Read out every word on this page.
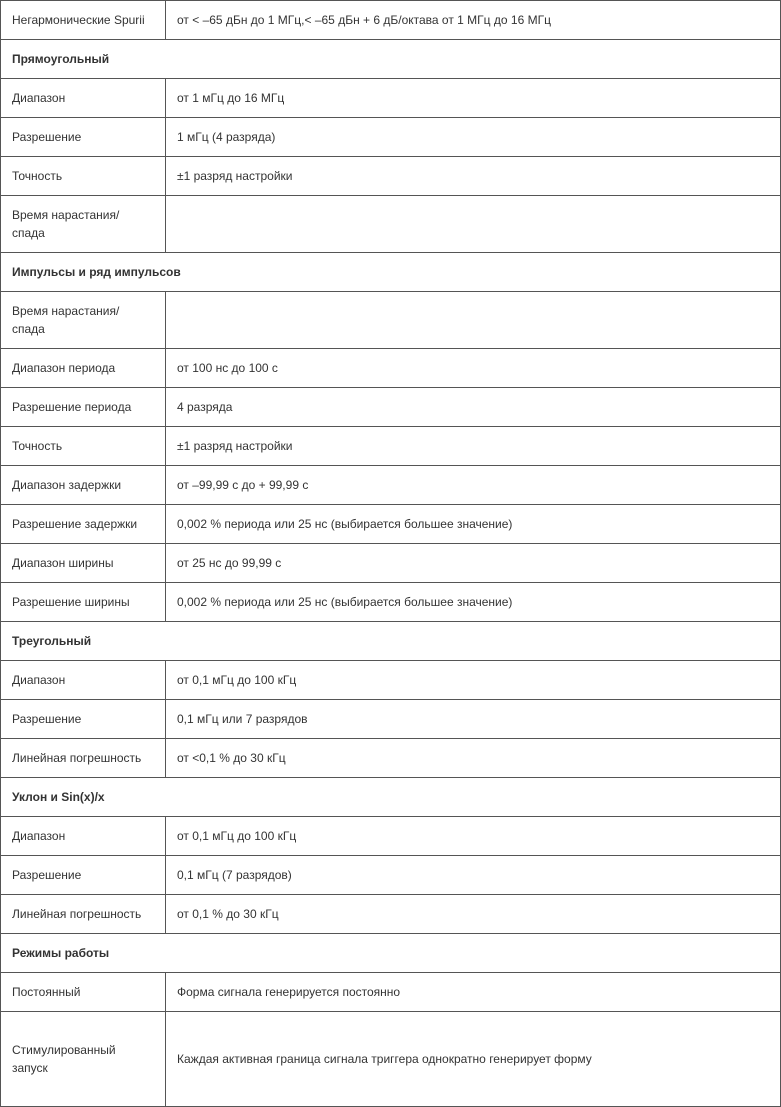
Негармонические Spurii	от < –65 дБн до 1 МГц,< –65 дБн + 6 дБ/октава от 1 МГц до 16 МГц
Прямоугольный	
Диапазон	от 1 мГц до 16 МГц
Разрешение	1 мГц (4 разряда)
Точность	±1 разряд настройки
Время нарастания/ спада	
Импульсы и ряд импульсов	
Время нарастания/ спада	
Диапазон периода	от 100 нс до 100 с
Разрешение периода	4 разряда
Точность	±1 разряд настройки
Диапазон задержки	от –99,99 с до + 99,99 с
Разрешение задержки	0,002 % периода или 25 нс (выбирается большее значение)
Диапазон ширины	от 25 нс до 99,99 с
Разрешение ширины	0,002 % периода или 25 нс (выбирается большее значение)
Треугольный	
Диапазон	от 0,1 мГц до 100 кГц
Разрешение	0,1 мГц или 7 разрядов
Линейная погрешность	от <0,1 % до 30 кГц
Уклон и Sin(x)/x	
Диапазон	от 0,1 мГц до 100 кГц
Разрешение	0,1 мГц (7 разрядов)
Линейная погрешность	от 0,1 % до 30 кГц
Режимы работы	
Постоянный	Форма сигнала генерируется постоянно
Стимулированный запуск	Каждая активная граница сигнала триггера однократно генерирует форму
